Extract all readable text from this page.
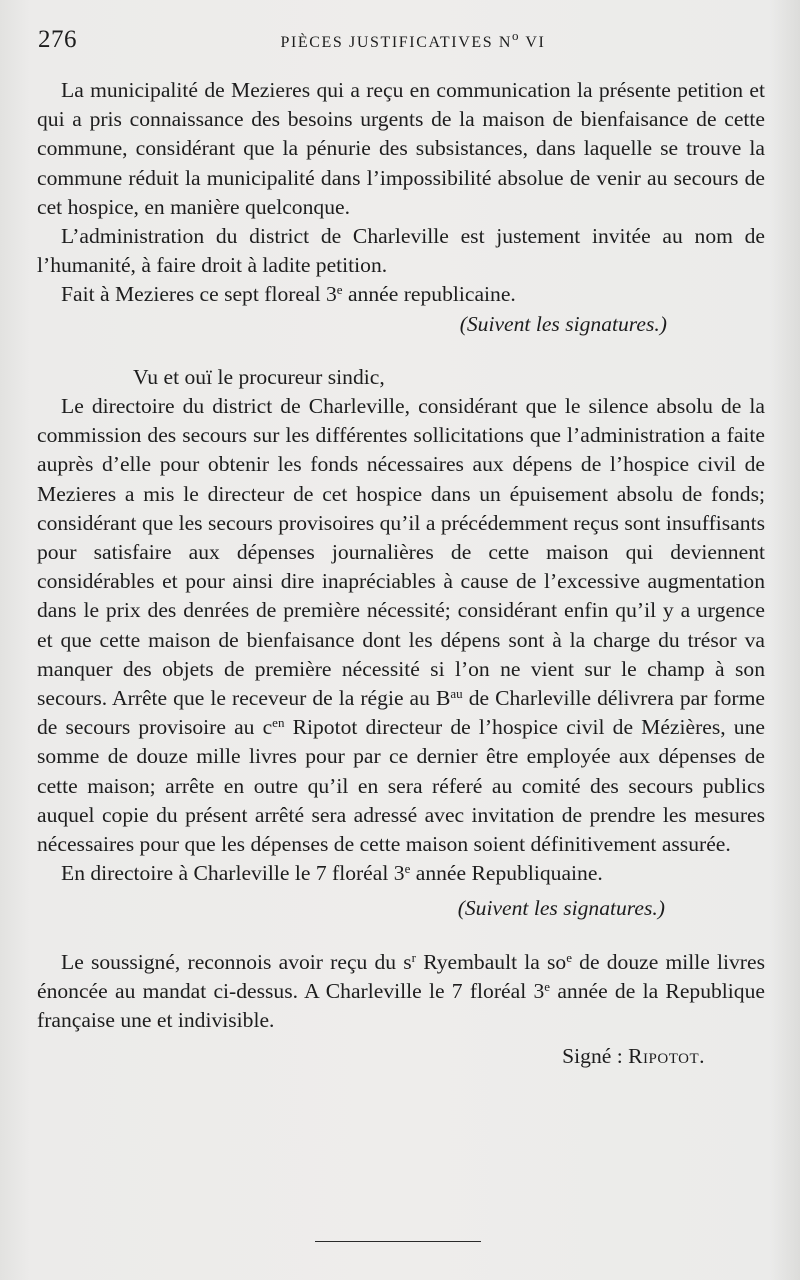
276	PIÈCES JUSTIFICATIVES $N^o$ VI

La municipalité de Mezieres qui a reçu en communication la présente petition et qui a pris connaissance des besoins urgents de la maison de bienfaisance de cette commune, considérant que la pénurie des subsistances, dans laquelle se trouve la commune réduit la municipalité dans l’impossibilité absolue de venir au secours de cet hospice, en manière quelconque.

L’administration du district de Charleville est justement invitée au nom de l’humanité, à faire droit à ladite petition.

Fait à Mezieres ce sept floreal 3e année republicaine.

(Suivent les signatures.)

Vu et ouï le procureur sindic,

Le directoire du district de Charleville, considérant que le silence absolu de la commission des secours sur les différentes sollicitations que l’administration a faite auprès d’elle pour obtenir les fonds nécessaires aux dépens de l’hospice civil de Mezieres a mis le directeur de cet hospice dans un épuisement absolu de fonds; considérant que les secours provisoires qu’il a précédemment reçus sont insuffisants pour satisfaire aux dépenses journalières de cette maison qui deviennent considérables et pour ainsi dire inapréciables à cause de l’excessive augmentation dans le prix des denrées de première nécessité; considérant enfin qu’il y a urgence et que cette maison de bienfaisance dont les dépens sont à la charge du trésor va manquer des objets de première nécessité si l’on ne vient sur le champ à son secours. Arrête que le receveur de la régie au $B^{au}$ de Charleville délivrera par forme de secours provisoire au $c^{en}$ Ripotot directeur de l’hospice civil de Mézières, une somme de douze mille livres pour par ce dernier être employée aux dépenses de cette maison; arrête en outre qu’il en sera réferé au comité des secours publics auquel copie du présent arrêté sera adressé avec invitation de prendre les mesures nécessaires pour que les dépenses de cette maison soient définitivement assurée.

En directoire à Charleville le 7 floréal 3e année Republiquaine.

(Suivent les signatures.)

Le soussigné, reconnois avoir reçu du $s^r$ Ryembault la $so^e$ de douze mille livres énoncée au mandat ci-dessus. A Charleville le 7 floréal 3e année de la Republique française une et indivisible.

Signé : Ripotot.
